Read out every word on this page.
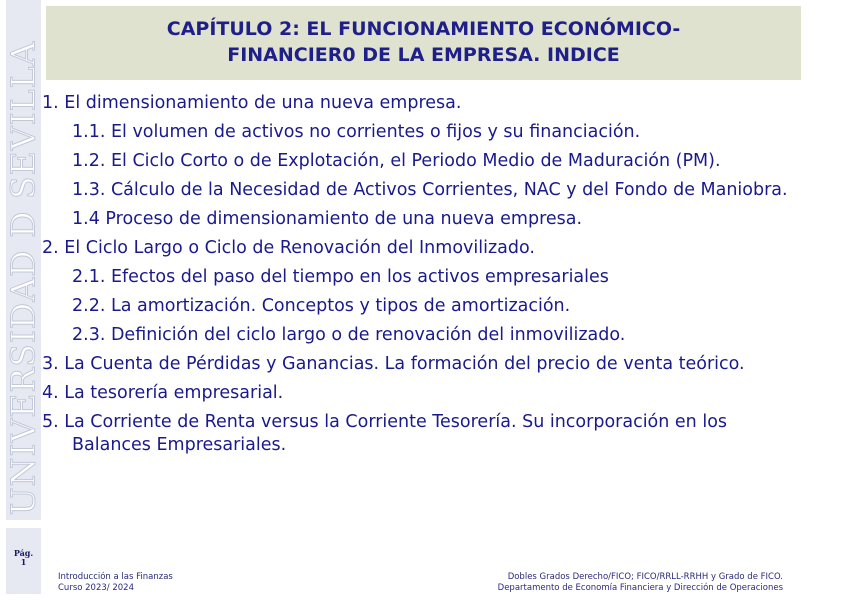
UNIVERSIDAD D SEVILLA
Pág.
1
CAPÍTULO 2: EL FUNCIONAMIENTO ECONÓMICO-
FINANCIER0 DE LA EMPRESA. INDICE
1. El dimensionamiento de una nueva empresa.
1.1. El volumen de activos no corrientes o fijos y su financiación.
1.2. El Ciclo Corto o de Explotación, el Periodo Medio de Maduración (PM).
1.3. Cálculo de la Necesidad de Activos Corrientes, NAC y del Fondo de Maniobra.
1.4 Proceso de dimensionamiento de una nueva empresa.
2. El Ciclo Largo o Ciclo de Renovación del Inmovilizado.
2.1. Efectos del paso del tiempo en los activos empresariales
2.2. La amortización. Conceptos y tipos de amortización.
2.3. Definición del ciclo largo o de renovación del inmovilizado.
3. La Cuenta de Pérdidas y Ganancias. La formación del precio de venta teórico.
4. La tesorería empresarial.
5. La Corriente de Renta versus la Corriente Tesorería. Su incorporación en los Balances Empresariales.
Introducción a las Finanzas
Curso 2023/ 2024
Dobles Grados Derecho/FICO; FICO/RRLL-RRHH y Grado de FICO.
Departamento de Economía Financiera y Dirección de Operaciones
